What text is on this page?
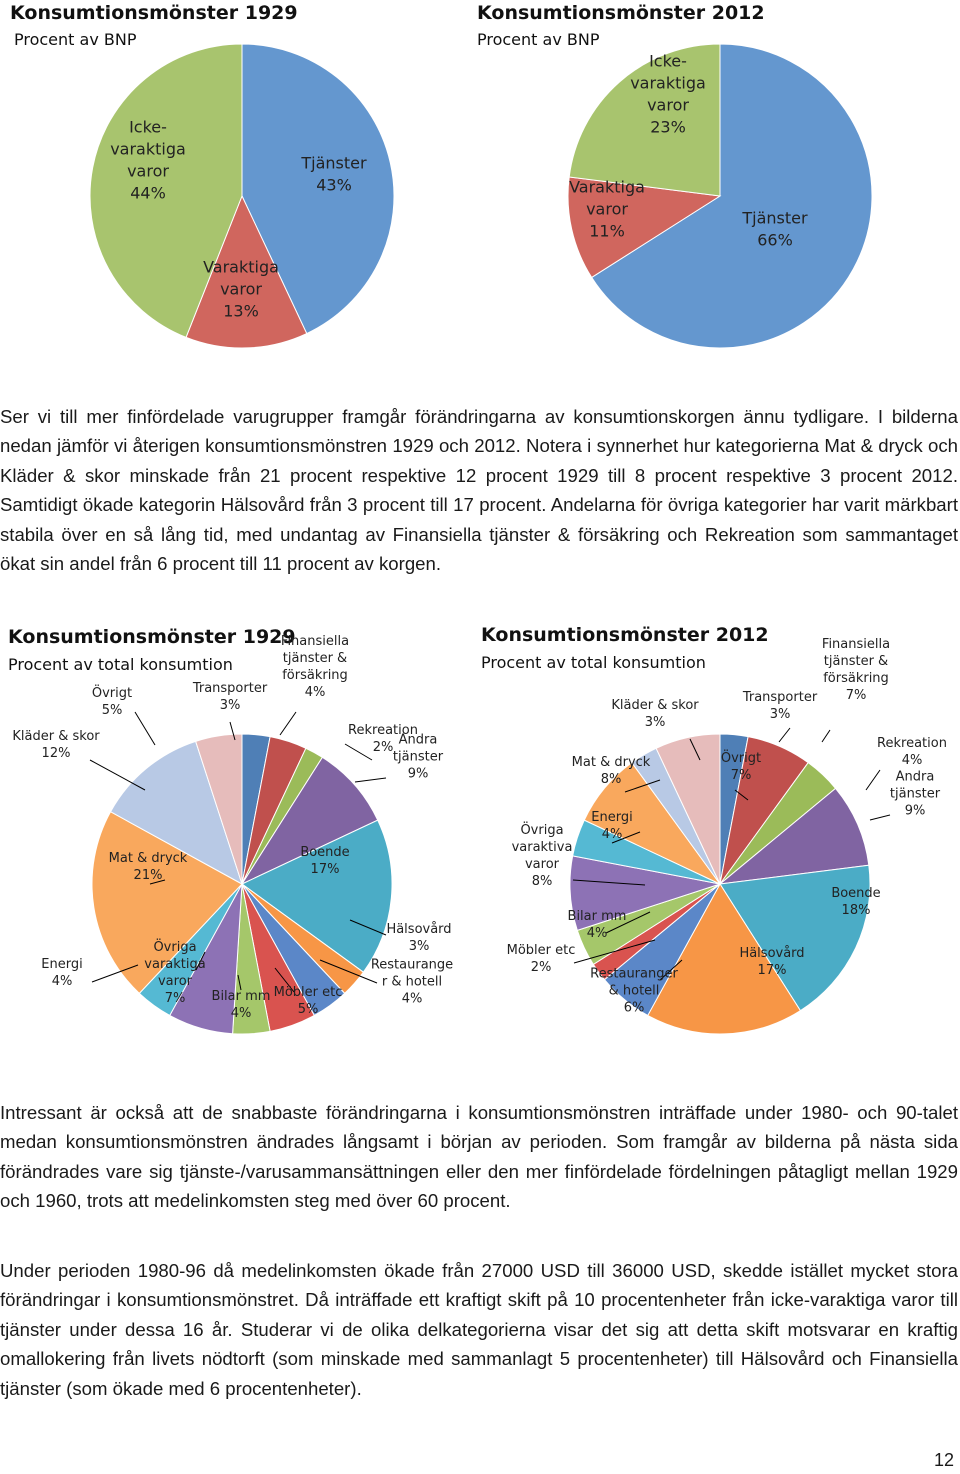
Konsumtionsmönster 1929
Procent av BNP
Konsumtionsmönster 2012
Procent av BNP
Konsumtionsmönster 1929
Procent av total konsumtion
Konsumtionsmönster 2012
Procent av total konsumtion
Tjänster 43%
Varaktiga varor 13%
Icke-varaktiga varor 44%
Tjänster 66%
Varaktiga varor 11%
Icke-varaktiga varor 23%
Transporter 3%
Finansiella tjänster & försäkring 4%
Rekreation 2% Andra tjänster 9%
Boende 17%
Hälsovård 3%
Restaurange r & hotell 4%
Möbler etc 5%
Bilar mm 4%
Övriga varaktiga varor 7%
Energi 4%
Mat & dryck 21%
Kläder & skor 12%
Övrigt 5%
Transporter 3%
Finansiella tjänster & försäkring 7%
Rekreation 4%
Andra tjänster 9%
Boende 18%
Hälsovård 17%
Restauranger & hotell 6%
Möbler etc 2%
Bilar mm 4%
Övriga varaktiva varor 8%
Energi 4%
Mat & dryck 8%
Kläder & skor 3%
Övrigt 7%

Ser vi till mer finfördelade varugrupper framgår förändringarna av konsumtionskorgen ännu tydligare. I bilderna nedan jämför vi återigen konsumtionsmönstren 1929 och 2012. Notera i synnerhet hur kategorierna Mat & dryck och Kläder & skor minskade från 21 procent respektive 12 procent 1929 till 8 procent respektive 3 procent 2012. Samtidigt ökade kategorin Hälsovård från 3 procent till 17 procent. Andelarna för övriga kategorier har varit märkbart stabila över en så lång tid, med undantag av Finansiella tjänster & försäkring och Rekreation som sammantaget ökat sin andel från 6 procent till 11 procent av korgen.

Intressant är också att de snabbaste förändringarna i konsumtionsmönstren inträffade under 1980- och 90-talet medan konsumtionsmönstren ändrades långsamt i början av perioden. Som framgår av bilderna på nästa sida förändrades vare sig tjänste-/varusammansättningen eller den mer finfördelade fördelningen påtagligt mellan 1929 och 1960, trots att medelinkomsten steg med över 60 procent.

Under perioden 1980-96 då medelinkomsten ökade från 27000 USD till 36000 USD, skedde istället mycket stora förändringar i konsumtionsmönstret. Då inträffade ett kraftigt skift på 10 procentenheter från icke-varaktiga varor till tjänster under dessa 16 år. Studerar vi de olika delkategorierna visar det sig att detta skift motsvarar en kraftig omallokering från livets nödtorft (som minskade med sammanlagt 5 procentenheter) till Hälsovård och Finansiella tjänster (som ökade med 6 procentenheter).

12
